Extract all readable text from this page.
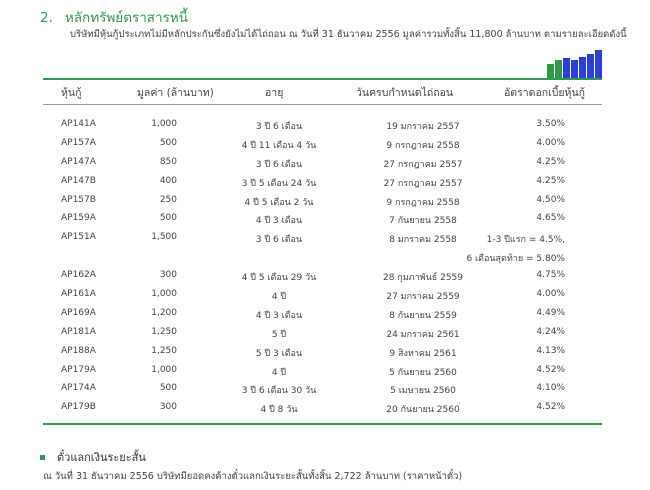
2. หลักทรัพย์ตราสารหนี้
บริษัทมีหุ้นกู้ประเภทไม่มีหลักประกันซึ่งยังไม่ได้ไถ่ถอน ณ วันที่ 31 ธันวาคม 2556 มูลค่ารวมทั้งสิ้น 11,800 ล้านบาท ตามรายละเอียดดังนี้
หุ้นกู้	มูลค่า (ล้านบาท)	อายุ	วันครบกำหนดไถ่ถอน	อัตราดอกเบี้ยหุ้นกู้
AP141A	1,000	3 ปี 6 เดือน	19 มกราคม 2557	3.50%
AP157A	500	4 ปี 11 เดือน 4 วัน	9 กรกฎาคม 2558	4.00%
AP147A	850	3 ปี 6 เดือน	27 กรกฎาคม 2557	4.25%
AP147B	400	3 ปี 5 เดือน 24 วัน	27 กรกฎาคม 2557	4.25%
AP157B	250	4 ปี 5 เดือน 2 วัน	9 กรกฎาคม 2558	4.50%
AP159A	500	4 ปี 3 เดือน	7 กันยายน 2558	4.65%
AP151A	1,500	3 ปี 6 เดือน	8 มกราคม 2558	1-3 ปีแรก = 4.5%,
6 เดือนสุดท้าย = 5.80%
AP162A	300	4 ปี 5 เดือน 29 วัน	28 กุมภาพันธ์ 2559	4.75%
AP161A	1,000	4 ปี	27 มกราคม 2559	4.00%
AP169A	1,200	4 ปี 3 เดือน	8 กันยายน 2559	4.49%
AP181A	1,250	5 ปี	24 มกราคม 2561	4.24%
AP188A	1,250	5 ปี 3 เดือน	9 สิงหาคม 2561	4.13%
AP179A	1,000	4 ปี	5 กันยายน 2560	4.52%
AP174A	500	3 ปี 6 เดือน 30 วัน	5 เมษายน 2560	4.10%
AP179B	300	4 ปี 8 วัน	20 กันยายน 2560	4.52%
ตั๋วแลกเงินระยะสั้น
ณ วันที่ 31 ธันวาคม 2556 บริษัทมียอดคงค้างตั๋วแลกเงินระยะสั้นทั้งสิ้น 2,722 ล้านบาท (ราคาหน้าตั๋ว)
